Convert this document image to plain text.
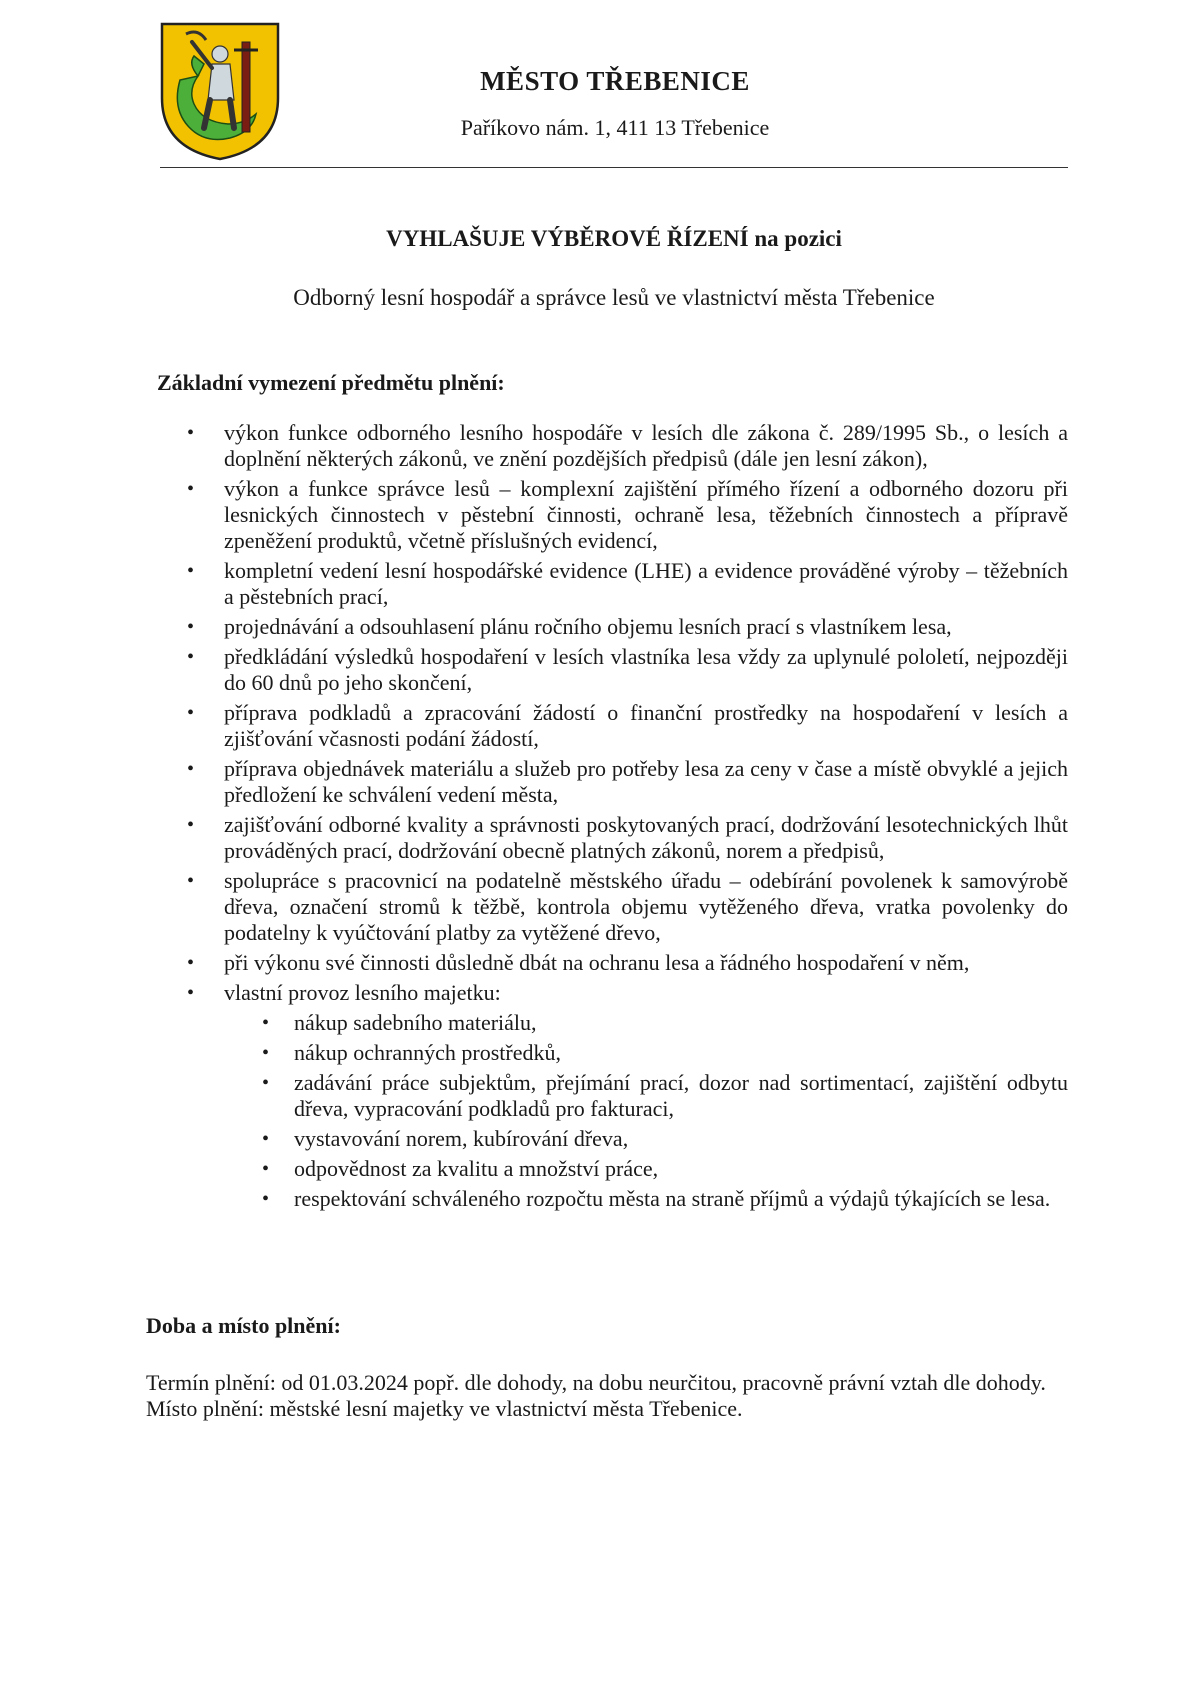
MĚSTO TŘEBENICE
Paříkovo nám. 1, 411 13 Třebenice
VYHLAŠUJE VÝBĚROVÉ ŘÍZENÍ na pozici
Odborný lesní hospodář a správce lesů ve vlastnictví města Třebenice
Základní vymezení předmětu plnění:
• výkon funkce odborného lesního hospodáře v lesích dle zákona č. 289/1995 Sb., o lesích a doplnění některých zákonů, ve znění pozdějších předpisů (dále jen lesní zákon),
• výkon a funkce správce lesů – komplexní zajištění přímého řízení a odborného dozoru při lesnických činnostech v pěstební činnosti, ochraně lesa, těžebních činnostech a přípravě zpeněžení produktů, včetně příslušných evidencí,
• kompletní vedení lesní hospodářské evidence (LHE) a evidence prováděné výroby – těžebních a pěstebních prací,
• projednávání a odsouhlasení plánu ročního objemu lesních prací s vlastníkem lesa,
• předkládání výsledků hospodaření v lesích vlastníka lesa vždy za uplynulé pololetí, nejpozději do 60 dnů po jeho skončení,
• příprava podkladů a zpracování žádostí o finanční prostředky na hospodaření v lesích a zjišťování včasnosti podání žádostí,
• příprava objednávek materiálu a služeb pro potřeby lesa za ceny v čase a místě obvyklé a jejich předložení ke schválení vedení města,
• zajišťování odborné kvality a správnosti poskytovaných prací, dodržování lesotechnických lhůt prováděných prací, dodržování obecně platných zákonů, norem a předpisů,
• spolupráce s pracovnicí na podatelně městského úřadu – odebírání povolenek k samovýrobě dřeva, označení stromů k těžbě, kontrola objemu vytěženého dřeva, vratka povolenky do podatelny k vyúčtování platby za vytěžené dřevo,
• při výkonu své činnosti důsledně dbát na ochranu lesa a řádného hospodaření v něm,
• vlastní provoz lesního majetku:
• nákup sadebního materiálu,
• nákup ochranných prostředků,
• zadávání práce subjektům, přejímání prací, dozor nad sortimentací, zajištění odbytu dřeva, vypracování podkladů pro fakturaci,
• vystavování norem, kubírování dřeva,
• odpovědnost za kvalitu a množství práce,
• respektování schváleného rozpočtu města na straně příjmů a výdajů týkajících se lesa.
Doba a místo plnění:
Termín plnění: od 01.03.2024 popř. dle dohody, na dobu neurčitou, pracovně právní vztah dle dohody.
Místo plnění: městské lesní majetky ve vlastnictví města Třebenice.
